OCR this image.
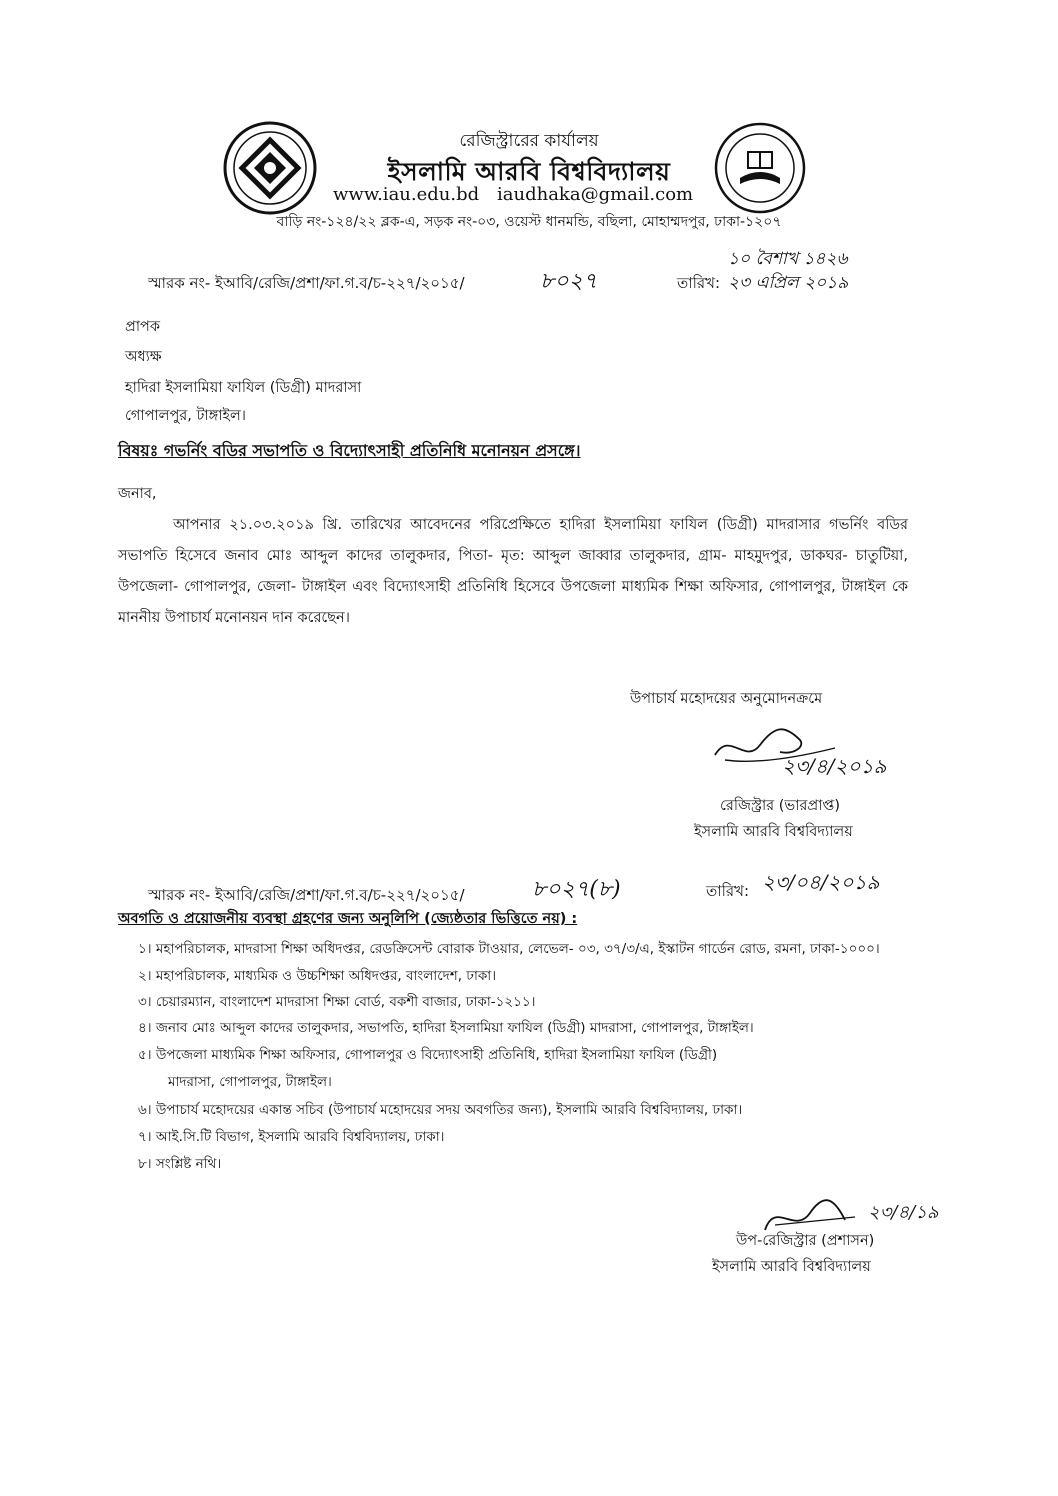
রেজিস্ট্রারের কার্যালয়
ইসলামি আরবি বিশ্ববিদ্যালয়
www.iau.edu.bd iaudhaka@gmail.com
বাড়ি নং-১২৪/২২ ব্লক-এ, সড়ক নং-০৩, ওয়েস্ট ধানমন্ডি, বছিলা, মোহাম্মদপুর, ঢাকা-১২০৭
স্মারক নং- ইআবি/রেজি/প্রশা/ফা.গ.ব/চ-২২৭/২০১৫/	৮০২৭	তারিখ:
১০ বৈশাখ ১৪২৬
২৩ এপ্রিল ২০১৯
প্রাপক
অধ্যক্ষ
হাদিরা ইসলামিয়া ফাযিল (ডিগ্রী) মাদরাসা
গোপালপুর, টাঙ্গাইল।
বিষয়ঃ গভর্নিং বডির সভাপতি ও বিদ্যোৎসাহী প্রতিনিধি মনোনয়ন প্রসঙ্গে।
জনাব,
আপনার ২১.০৩.২০১৯ খ্রি. তারিখের আবেদনের পরিপ্রেক্ষিতে হাদিরা ইসলামিয়া ফাযিল (ডিগ্রী) মাদরাসার গভর্নিং বডির সভাপতি হিসেবে জনাব মোঃ আব্দুল কাদের তালুকদার, পিতা- মৃত: আব্দুল জাব্বার তালুকদার, গ্রাম- মাহমুদপুর, ডাকঘর- চাতুটিয়া, উপজেলা- গোপালপুর, জেলা- টাঙ্গাইল এবং বিদ্যোৎসাহী প্রতিনিধি হিসেবে উপজেলা মাধ্যমিক শিক্ষা অফিসার, গোপালপুর, টাঙ্গাইল কে মাননীয় উপাচার্য মনোনয়ন দান করেছেন।
উপাচার্য মহোদয়ের অনুমোদনক্রমে
২৩/৪/২০১৯
রেজিস্ট্রার (ভারপ্রাপ্ত)
ইসলামি আরবি বিশ্ববিদ্যালয়
স্মারক নং- ইআবি/রেজি/প্রশা/ফা.গ.ব/চ-২২৭/২০১৫/	৮০২৭(৮)	তারিখ: ২৩/০৪/২০১৯
অবগতি ও প্রয়োজনীয় ব্যবস্থা গ্রহণের জন্য অনুলিপি (জ্যেষ্ঠতার ভিত্তিতে নয়) :
১। মহাপরিচালক, মাদরাসা শিক্ষা অধিদপ্তর, রেডক্রিসেন্ট বোরাক টাওয়ার, লেভেল- ০৩, ৩৭/৩/এ, ইস্কাটন গার্ডেন রোড, রমনা, ঢাকা-১০০০।
২। মহাপরিচালক, মাধ্যমিক ও উচ্চশিক্ষা অধিদপ্তর, বাংলাদেশ, ঢাকা।
৩। চেয়ারম্যান, বাংলাদেশ মাদরাসা শিক্ষা বোর্ড, বকশী বাজার, ঢাকা-১২১১।
৪। জনাব মোঃ আব্দুল কাদের তালুকদার, সভাপতি, হাদিরা ইসলামিয়া ফাযিল (ডিগ্রী) মাদরাসা, গোপালপুর, টাঙ্গাইল।
৫। উপজেলা মাধ্যমিক শিক্ষা অফিসার, গোপালপুর ও বিদ্যোৎসাহী প্রতিনিধি, হাদিরা ইসলামিয়া ফাযিল (ডিগ্রী)
মাদরাসা, গোপালপুর, টাঙ্গাইল।
৬। উপাচার্য মহোদয়ের একান্ত সচিব (উপাচার্য মহোদয়ের সদয় অবগতির জন্য), ইসলামি আরবি বিশ্ববিদ্যালয়, ঢাকা।
৭। আই.সি.টি বিভাগ, ইসলামি আরবি বিশ্ববিদ্যালয়, ঢাকা।
৮। সংশ্লিষ্ট নথি।
২৩/৪/১৯
উপ-রেজিস্ট্রার (প্রশাসন)
ইসলামি আরবি বিশ্ববিদ্যালয়
